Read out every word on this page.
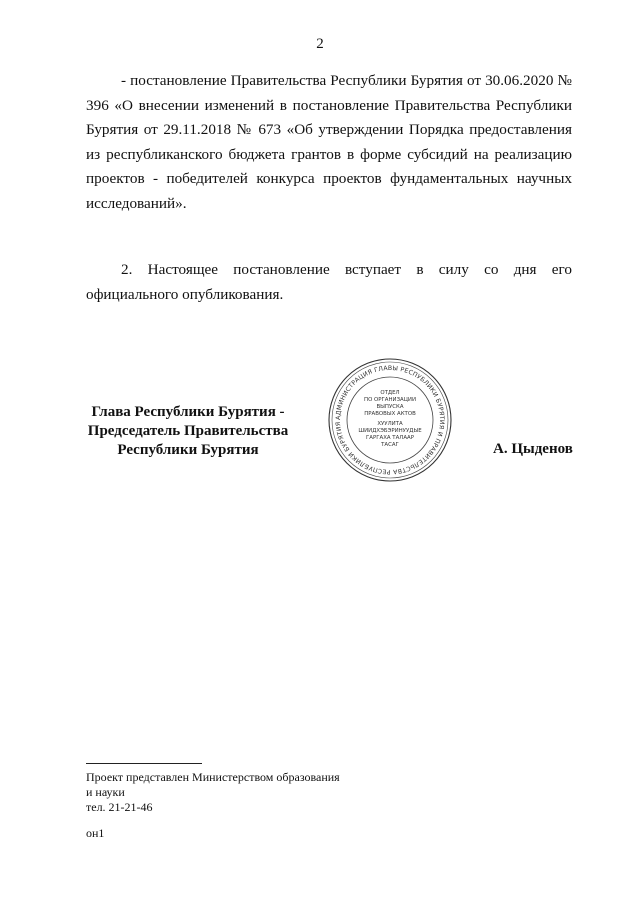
2

- постановление Правительства Республики Бурятия от 30.06.2020 № 396 «О внесении изменений в постановление Правительства Республики Бурятия от 29.11.2018 № 673 «Об утверждении Порядка предоставления из республиканского бюджета грантов в форме субсидий на реализацию проектов - победителей конкурса проектов фундаментальных научных исследований».

2. Настоящее постановление вступает в силу со дня его официального опубликования.

Глава Республики Бурятия -
Председатель Правительства
Республики Бурятия
АДМИНИСТРАЦИЯ ГЛАВЫ РЕСПУБЛИКИ БУРЯТИЯ И ПРАВИТЕЛЬСТВА РЕСПУБЛИКИ БУРЯТИЯ
ОТДЕЛ
ПО ОРГАНИЗАЦИИ
ВЫПУСКА
ПРАВОВЫХ АКТОВ
ХУУЛИТА
ШИИДХЭБЭРИНУУДЫЕ
ГАРГАХА ТАЛААР
ТАСАГ	А. Цыденов
Проект представлен Министерством образования
и науки
тел. 21-21-46
он1
